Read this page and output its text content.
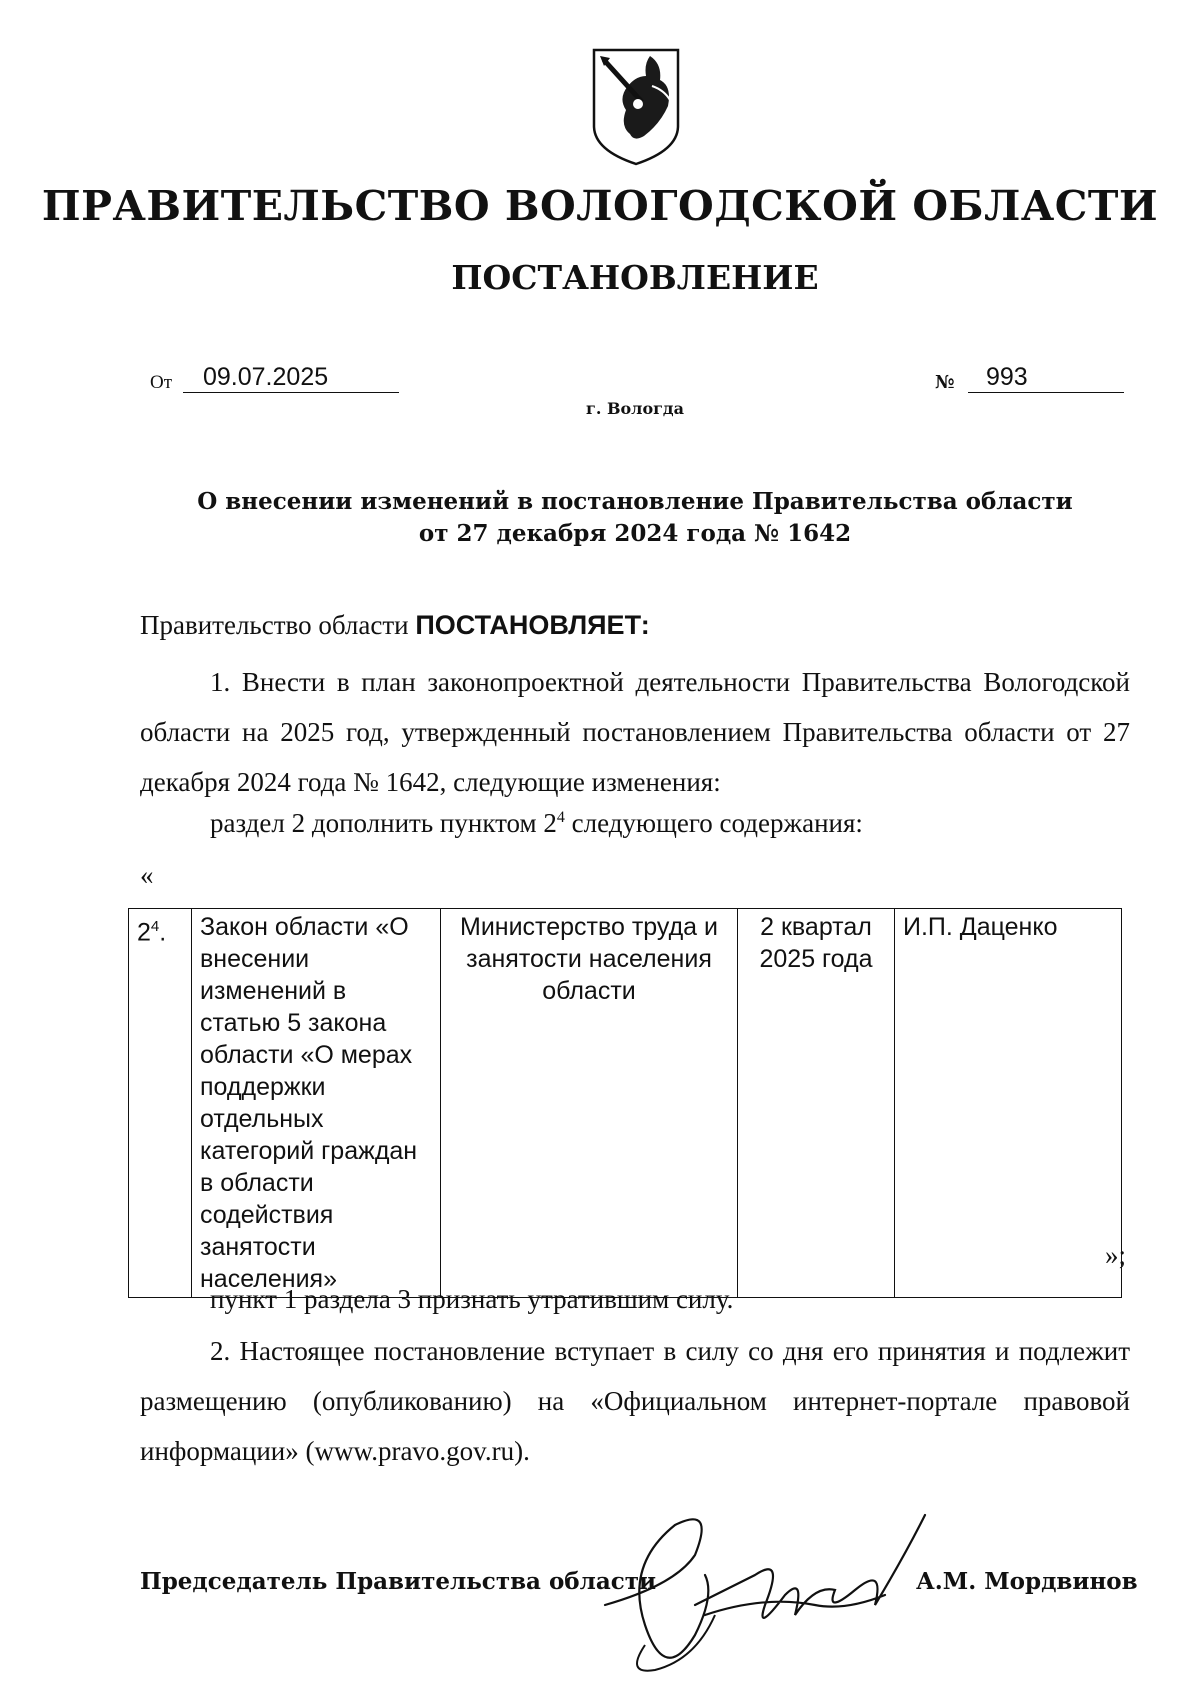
ПРАВИТЕЛЬСТВО ВОЛОГОДСКОЙ ОБЛАСТИ
ПОСТАНОВЛЕНИЕ
От	09.07.2025	№	993
г. Вологда
О внесении изменений в постановление Правительства области
от 27 декабря 2024 года № 1642
Правительство области ПОСТАНОВЛЯЕТ:
1. Внести в план законопроектной деятельности Правительства Вологодской области на 2025 год, утвержденный постановлением Правительства области от 27 декабря 2024 года № 1642, следующие изменения:
раздел 2 дополнить пунктом $2^4$ следующего содержания:
«
$2^4$.	Закон области «О внесении изменений в статью 5 закона области «О мерах поддержки отдельных категорий граждан в области содействия занятости населения»	Министерство труда и занятости населения области	2 квартал 2025 года	И.П. Даценко
»;
пункт 1 раздела 3 признать утратившим силу.
2. Настоящее постановление вступает в силу со дня его принятия и подлежит размещению (опубликованию) на «Официальном интернет-портале правовой информации» (www.pravo.gov.ru).
Председатель Правительства области	А.М. Мордвинов
